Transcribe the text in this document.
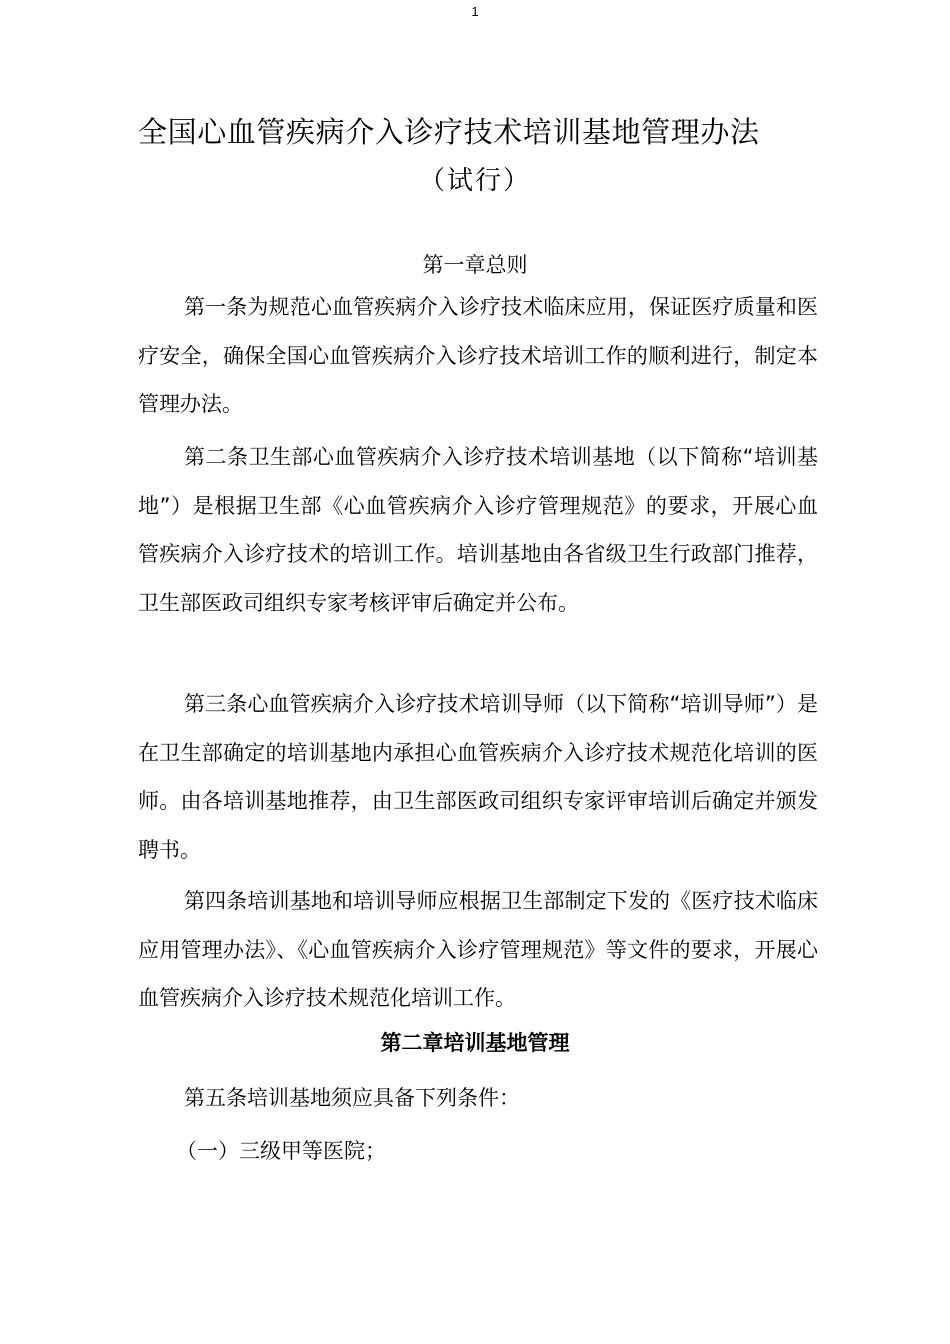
1
全国心血管疾病介入诊疗技术培训基地管理办法
（试行）
第一章总则
第一条为规范心血管疾病介入诊疗技术临床应用，保证医疗质量和医疗安全，确保全国心血管疾病介入诊疗技术培训工作的顺利进行，制定本管理办法。
第二条卫生部心血管疾病介入诊疗技术培训基地（以下简称“培训基地”）是根据卫生部《心血管疾病介入诊疗管理规范》的要求，开展心血管疾病介入诊疗技术的培训工作。培训基地由各省级卫生行政部门推荐，卫生部医政司组织专家考核评审后确定并公布。
第三条心血管疾病介入诊疗技术培训导师（以下简称“培训导师”）是在卫生部确定的培训基地内承担心血管疾病介入诊疗技术规范化培训的医师。由各培训基地推荐，由卫生部医政司组织专家评审培训后确定并颁发聘书。
第四条培训基地和培训导师应根据卫生部制定下发的《医疗技术临床应用管理办法》、《心血管疾病介入诊疗管理规范》等文件的要求，开展心血管疾病介入诊疗技术规范化培训工作。
第二章培训基地管理
第五条培训基地须应具备下列条件：
（一）三级甲等医院；
